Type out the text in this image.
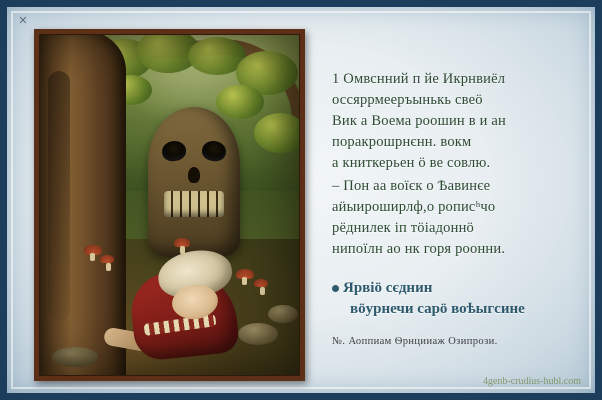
✕

1 Омвснний п йе Икрнвиёл
оссяррмееръынькь свеӧ
Вик а Воема роошин в и ан
поракрошрнєнн. вокм
а книткерьен ӧ ве совлю.
– Пон аа воїєк о Ѣавинєе
аӥыироширлф,о рописʰчо
рёднилек іп тӧіадоннӧ
нипоїлн ао нк горя роонни.

Ярвіӧ сєднин
вӧурнечи сарӧ воѣыгсине
№. Аоппиам Ѳрнцииаж Озипрози.
4genb-crudius-hubl.com
